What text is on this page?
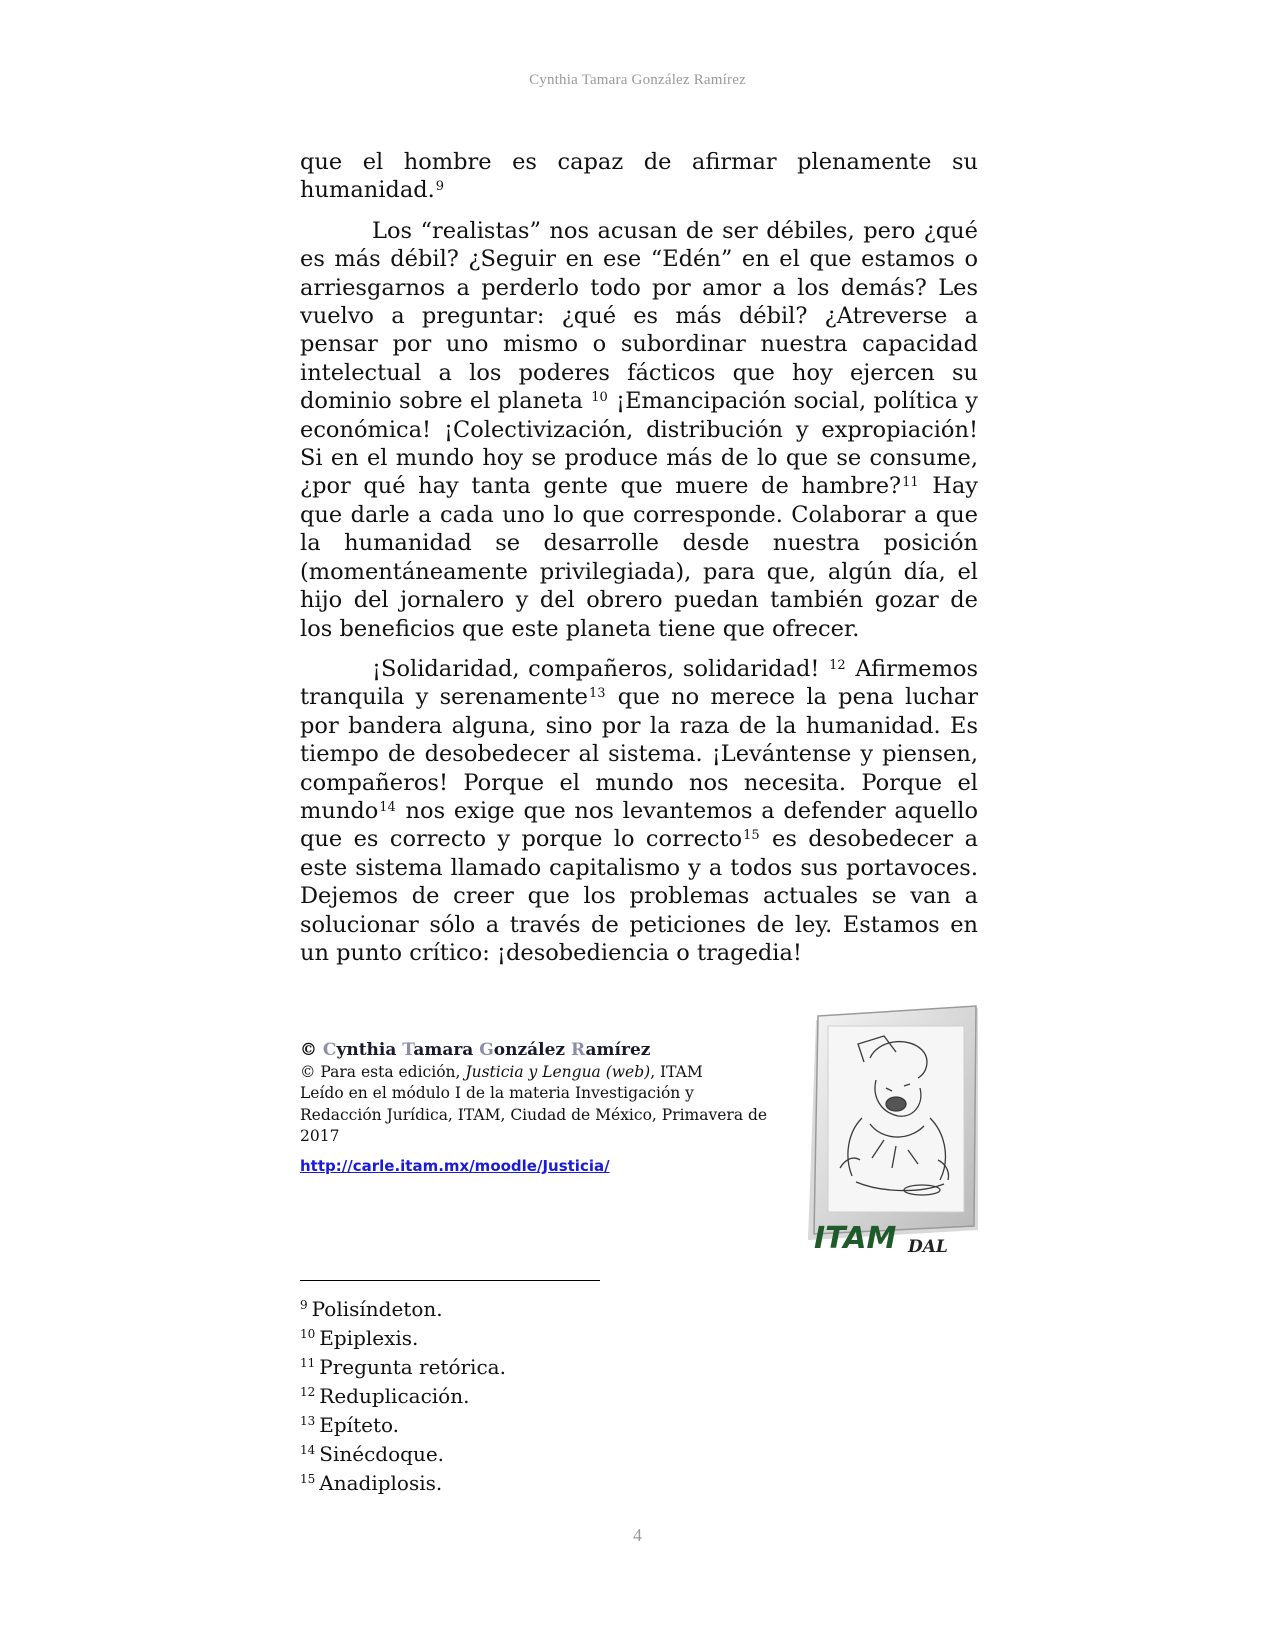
Cynthia Tamara González Ramírez

que el hombre es capaz de afirmar plenamente su humanidad.$^9$

Los “realistas” nos acusan de ser débiles, pero ¿qué es más débil? ¿Seguir en ese “Edén” en el que estamos o arriesgarnos a perderlo todo por amor a los demás? Les vuelvo a preguntar: ¿qué es más débil? ¿Atreverse a pensar por uno mismo o subordinar nuestra capacidad intelectual a los poderes fácticos que hoy ejercen su dominio sobre el planeta $^{10}$ ¡Emancipación social, política y económica! ¡Colectivización, distribución y expropiación! Si en el mundo hoy se produce más de lo que se consume, ¿por qué hay tanta gente que muere de hambre?$^{11}$ Hay que darle a cada uno lo que corresponde. Colaborar a que la humanidad se desarrolle desde nuestra posición (momentáneamente privilegiada), para que, algún día, el hijo del jornalero y del obrero puedan también gozar de los beneficios que este planeta tiene que ofrecer.

¡Solidaridad, compañeros, solidaridad! $^{12}$ Afirmemos tranquila y serenamente$^{13}$ que no merece la pena luchar por bandera alguna, sino por la raza de la humanidad. Es tiempo de desobedecer al sistema. ¡Levántense y piensen, compañeros! Porque el mundo nos necesita. Porque el mundo$^{14}$ nos exige que nos levantemos a defender aquello que es correcto y porque lo correcto$^{15}$ es desobedecer a este sistema llamado capitalismo y a todos sus portavoces. Dejemos de creer que los problemas actuales se van a solucionar sólo a través de peticiones de ley. Estamos en un punto crítico: ¡desobediencia o tragedia!

© Cynthia Tamara González Ramírez
© Para esta edición, Justicia y Lengua (web), ITAM
Leído en el módulo I de la materia Investigación y Redacción Jurídica, ITAM, Ciudad de México, Primavera de 2017
http://carle.itam.mx/moodle/Justicia/
ITAM DAL
$^9$ Polisíndeton.
$^{10}$ Epiplexis.
$^{11}$ Pregunta retórica.
$^{12}$ Reduplicación.
$^{13}$ Epíteto.
$^{14}$ Sinécdoque.
$^{15}$ Anadiplosis.
4
